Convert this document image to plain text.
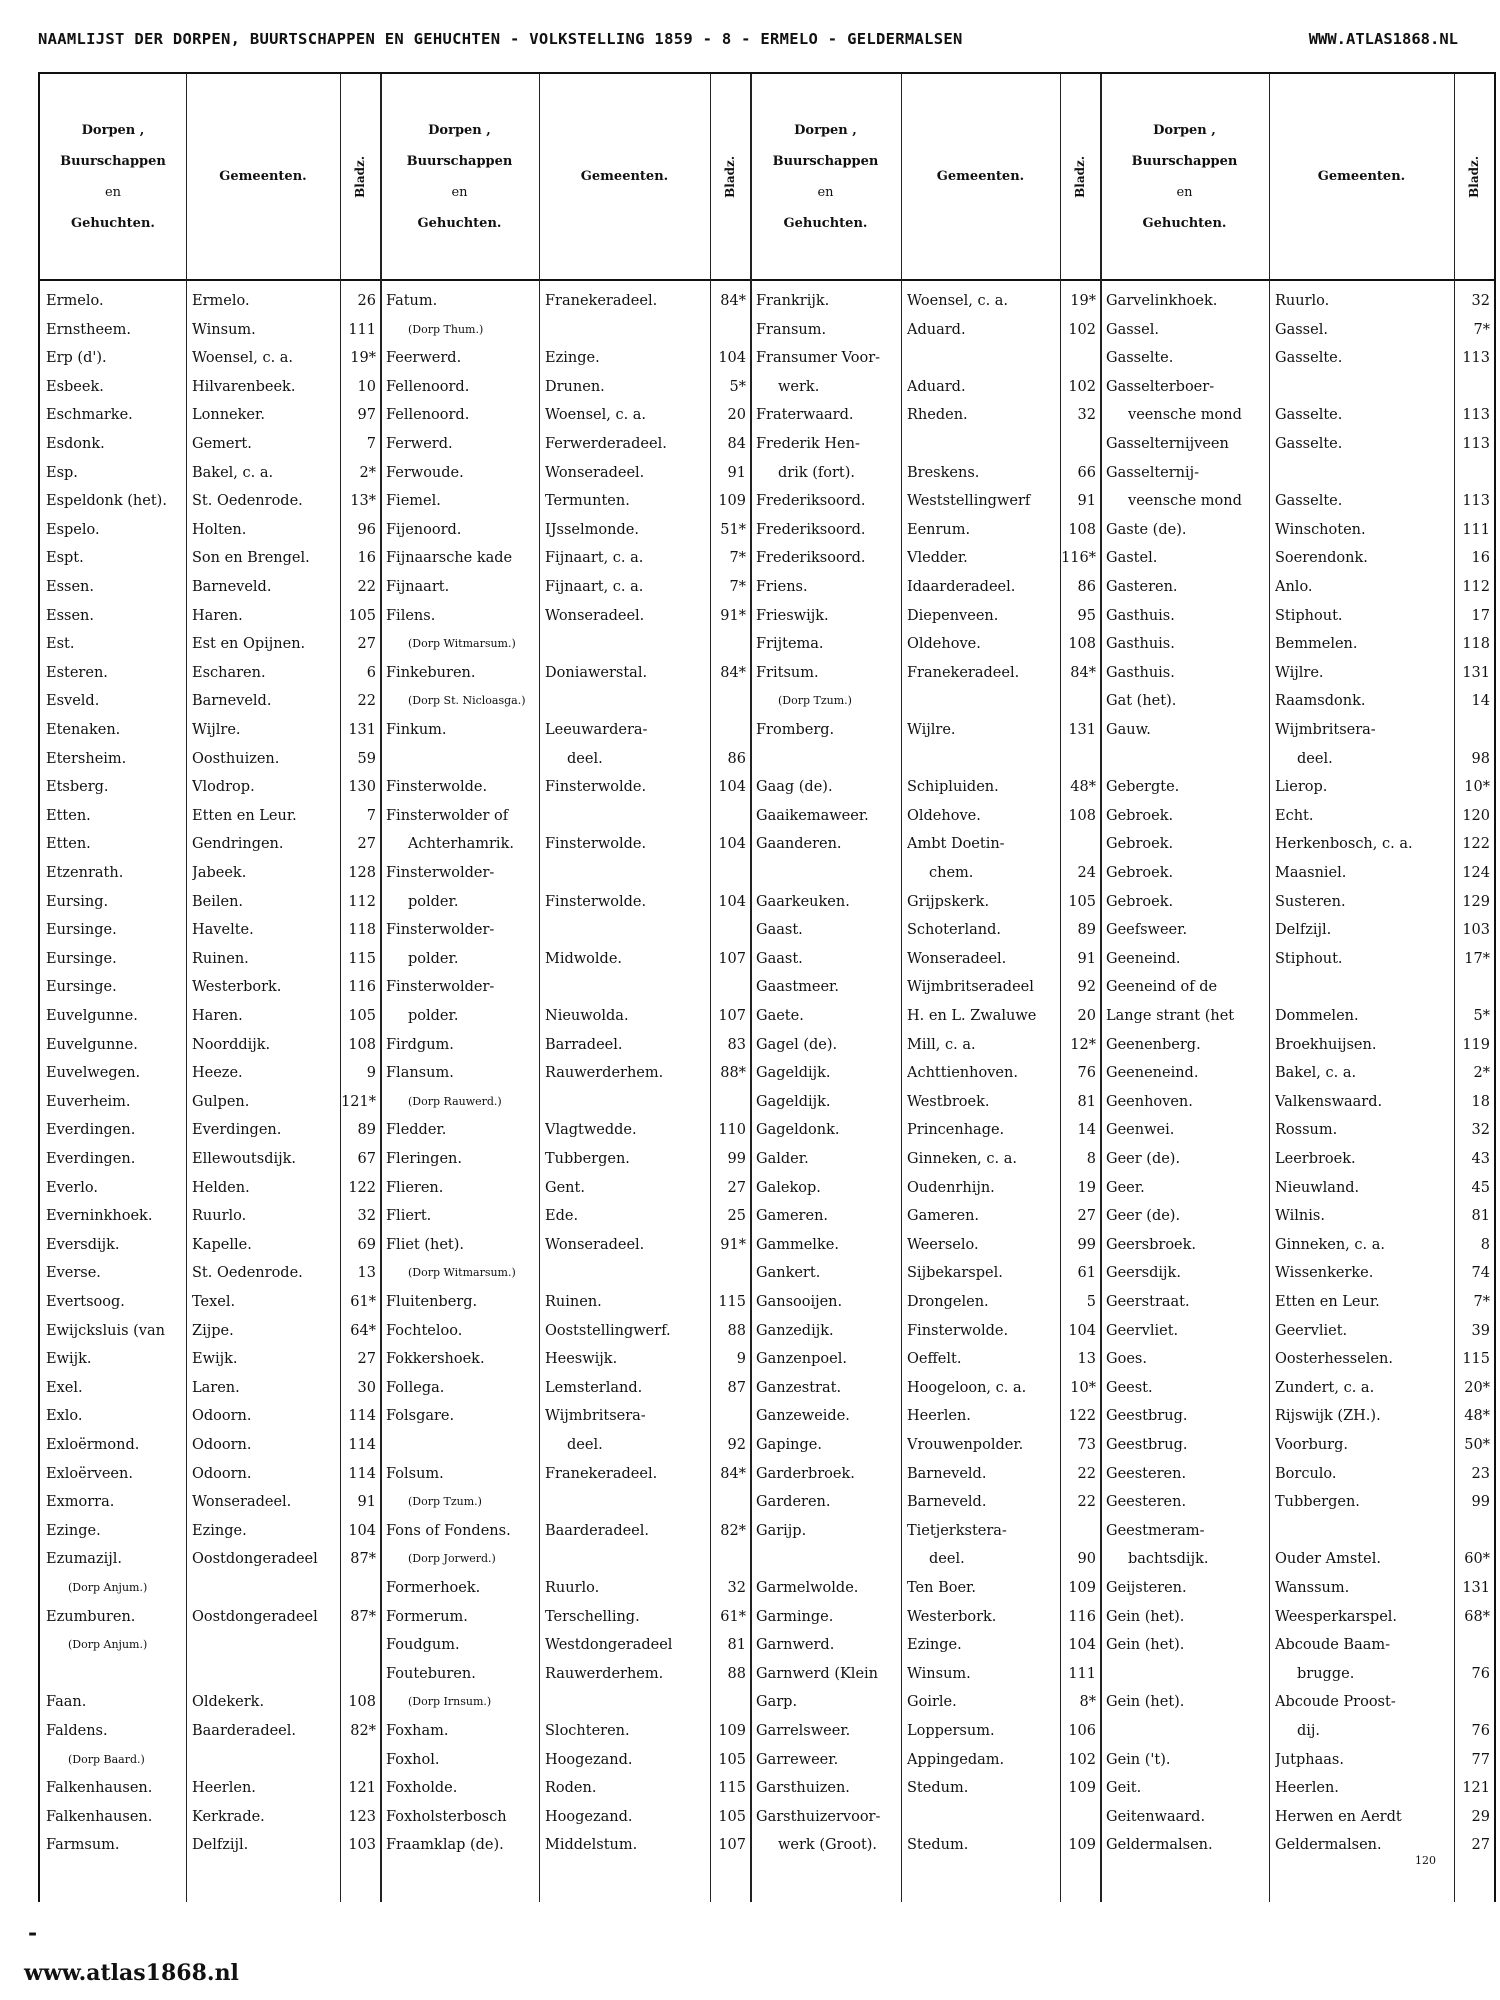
NAAMLIJST DER DORPEN, BUURTSCHAPPEN EN GEHUCHTEN - VOLKSTELLING 1859 - 8 - ERMELO - GELDERMALSEN	WWW.ATLAS1868.NL
Dorpen ,
Buurschappen
en
Gehuchten.
Gemeenten.	Bladz.
Dorpen ,
Buurschappen
en
Gehuchten.
Gemeenten.	Bladz.
Dorpen ,
Buurschappen
en
Gehuchten.
Gemeenten.	Bladz.
Dorpen ,
Buurschappen
en
Gehuchten.
Gemeenten.	Bladz.
Ermelo.	Ermelo.	26
Ernstheem.	Winsum.	111
Erp (d').	Woensel, c. a.	19*
Esbeek.	Hilvarenbeek.	10
Eschmarke.	Lonneker.	97
Esdonk.	Gemert.	7
Esp.	Bakel, c. a.	2*
Espeldonk (het).	St. Oedenrode.	13*
Espelo.	Holten.	96
Espt.	Son en Brengel.	16
Essen.	Barneveld.	22
Essen.	Haren.	105
Est.	Est en Opijnen.	27
Esteren.	Escharen.	6
Esveld.	Barneveld.	22
Etenaken.	Wijlre.	131
Etersheim.	Oosthuizen.	59
Etsberg.	Vlodrop.	130
Etten.	Etten en Leur.	7
Etten.	Gendringen.	27
Etzenrath.	Jabeek.	128
Eursing.	Beilen.	112
Eursinge.	Havelte.	118
Eursinge.	Ruinen.	115
Eursinge.	Westerbork.	116
Euvelgunne.	Haren.	105
Euvelgunne.	Noorddijk.	108
Euvelwegen.	Heeze.	9
Euverheim.	Gulpen.	121*
Everdingen.	Everdingen.	89
Everdingen.	Ellewoutsdijk.	67
Everlo.	Helden.	122
Everninkhoek.	Ruurlo.	32
Eversdijk.	Kapelle.	69
Everse.	St. Oedenrode.	13
Evertsoog.	Texel.	61*
Ewijcksluis (van	Zijpe.	64*
Ewijk.	Ewijk.	27
Exel.	Laren.	30
Exlo.	Odoorn.	114
Exloërmond.	Odoorn.	114
Exloërveen.	Odoorn.	114
Exmorra.	Wonseradeel.	91
Ezinge.	Ezinge.	104
Ezumazijl.	Oostdongeradeel	87*
(Dorp Anjum.)
Ezumburen.	Oostdongeradeel	87*
(Dorp Anjum.)
Faan.	Oldekerk.	108
Faldens.	Baarderadeel.	82*
(Dorp Baard.)
Falkenhausen.	Heerlen.	121
Falkenhausen.	Kerkrade.	123
Farmsum.	Delfzijl.	103
Fatum.	Franekeradeel.	84*
(Dorp Thum.)
Feerwerd.	Ezinge.	104
Fellenoord.	Drunen.	5*
Fellenoord.	Woensel, c. a.	20
Ferwerd.	Ferwerderadeel.	84
Ferwoude.	Wonseradeel.	91
Fiemel.	Termunten.	109
Fijenoord.	IJsselmonde.	51*
Fijnaarsche kade	Fijnaart, c. a.	7*
Fijnaart.	Fijnaart, c. a.	7*
Filens.	Wonseradeel.	91*
(Dorp Witmarsum.)
Finkeburen.	Doniawerstal.	84*
(Dorp St. Nicloasga.)
Finkum.	Leeuwardera-
deel.	86
Finsterwolde.	Finsterwolde.	104
Finsterwolder of
Achterhamrik.	Finsterwolde.	104
Finsterwolder-
polder.	Finsterwolde.	104
Finsterwolder-
polder.	Midwolde.	107
Finsterwolder-
polder.	Nieuwolda.	107
Firdgum.	Barradeel.	83
Flansum.	Rauwerderhem.	88*
(Dorp Rauwerd.)
Fledder.	Vlagtwedde.	110
Fleringen.	Tubbergen.	99
Flieren.	Gent.	27
Fliert.	Ede.	25
Fliet (het).	Wonseradeel.	91*
(Dorp Witmarsum.)
Fluitenberg.	Ruinen.	115
Fochteloo.	Ooststellingwerf.	88
Fokkershoek.	Heeswijk.	9
Follega.	Lemsterland.	87
Folsgare.	Wijmbritsera-
deel.	92
Folsum.	Franekeradeel.	84*
(Dorp Tzum.)
Fons of Fondens.	Baarderadeel.	82*
(Dorp Jorwerd.)
Formerhoek.	Ruurlo.	32
Formerum.	Terschelling.	61*
Foudgum.	Westdongeradeel	81
Fouteburen.	Rauwerderhem.	88
(Dorp Irnsum.)
Foxham.	Slochteren.	109
Foxhol.	Hoogezand.	105
Foxholde.	Roden.	115
Foxholsterbosch	Hoogezand.	105
Fraamklap (de).	Middelstum.	107
Frankrijk.	Woensel, c. a.	19*
Fransum.	Aduard.	102
Fransumer Voor-
werk.	Aduard.	102
Fraterwaard.	Rheden.	32
Frederik Hen-
drik (fort).	Breskens.	66
Frederiksoord.	Weststellingwerf	91
Frederiksoord.	Eenrum.	108
Frederiksoord.	Vledder.	116*
Friens.	Idaarderadeel.	86
Frieswijk.	Diepenveen.	95
Frijtema.	Oldehove.	108
Fritsum.	Franekeradeel.	84*
(Dorp Tzum.)
Fromberg.	Wijlre.	131
Gaag (de).	Schipluiden.	48*
Gaaikemaweer.	Oldehove.	108
Gaanderen.	Ambt Doetin-
chem.	24
Gaarkeuken.	Grijpskerk.	105
Gaast.	Schoterland.	89
Gaast.	Wonseradeel.	91
Gaastmeer.	Wijmbritseradeel	92
Gaete.	H. en L. Zwaluwe	20
Gagel (de).	Mill, c. a.	12*
Gageldijk.	Achttienhoven.	76
Gageldijk.	Westbroek.	81
Gageldonk.	Princenhage.	14
Galder.	Ginneken, c. a.	8
Galekop.	Oudenrhijn.	19
Gameren.	Gameren.	27
Gammelke.	Weerselo.	99
Gankert.	Sijbekarspel.	61
Gansooijen.	Drongelen.	5
Ganzedijk.	Finsterwolde.	104
Ganzenpoel.	Oeffelt.	13
Ganzestrat.	Hoogeloon, c. a.	10*
Ganzeweide.	Heerlen.	122
Gapinge.	Vrouwenpolder.	73
Garderbroek.	Barneveld.	22
Garderen.	Barneveld.	22
Garijp.	Tietjerkstera-
deel.	90
Garmelwolde.	Ten Boer.	109
Garminge.	Westerbork.	116
Garnwerd.	Ezinge.	104
Garnwerd (Klein	Winsum.	111
Garp.	Goirle.	8*
Garrelsweer.	Loppersum.	106
Garreweer.	Appingedam.	102
Garsthuizen.	Stedum.	109
Garsthuizervoor-
werk (Groot).	Stedum.	109
Garvelinkhoek.	Ruurlo.	32
Gassel.	Gassel.	7*
Gasselte.	Gasselte.	113
Gasselterboer-
veensche mond	Gasselte.	113
Gasselternijveen	Gasselte.	113
Gasselternij-
veensche mond	Gasselte.	113
Gaste (de).	Winschoten.	111
Gastel.	Soerendonk.	16
Gasteren.	Anlo.	112
Gasthuis.	Stiphout.	17
Gasthuis.	Bemmelen.	118
Gasthuis.	Wijlre.	131
Gat (het).	Raamsdonk.	14
Gauw.	Wijmbritsera-
deel.	98
Gebergte.	Lierop.	10*
Gebroek.	Echt.	120
Gebroek.	Herkenbosch, c. a.	122
Gebroek.	Maasniel.	124
Gebroek.	Susteren.	129
Geefsweer.	Delfzijl.	103
Geeneind.	Stiphout.	17*
Geeneind of de
Lange strant (het	Dommelen.	5*
Geenenberg.	Broekhuijsen.	119
Geeneneind.	Bakel, c. a.	2*
Geenhoven.	Valkenswaard.	18
Geenwei.	Rossum.	32
Geer (de).	Leerbroek.	43
Geer.	Nieuwland.	45
Geer (de).	Wilnis.	81
Geersbroek.	Ginneken, c. a.	8
Geersdijk.	Wissenkerke.	74
Geerstraat.	Etten en Leur.	7*
Geervliet.	Geervliet.	39
Goes.	Oosterhesselen.	115
Geest.	Zundert, c. a.	20*
Geestbrug.	Rijswijk (ZH.).	48*
Geestbrug.	Voorburg.	50*
Geesteren.	Borculo.	23
Geesteren.	Tubbergen.	99
Geestmeram-
bachtsdijk.	Ouder Amstel.	60*
Geijsteren.	Wanssum.	131
Gein (het).	Weesperkarspel.	68*
Gein (het).	Abcoude Baam-
brugge.	76
Gein (het).	Abcoude Proost-
dij.	76
Gein ('t).	Jutphaas.	77
Geit.	Heerlen.	121
Geitenwaard.	Herwen en Aerdt	29
Geldermalsen.	Geldermalsen.	27
120
-
www.atlas1868.nl
